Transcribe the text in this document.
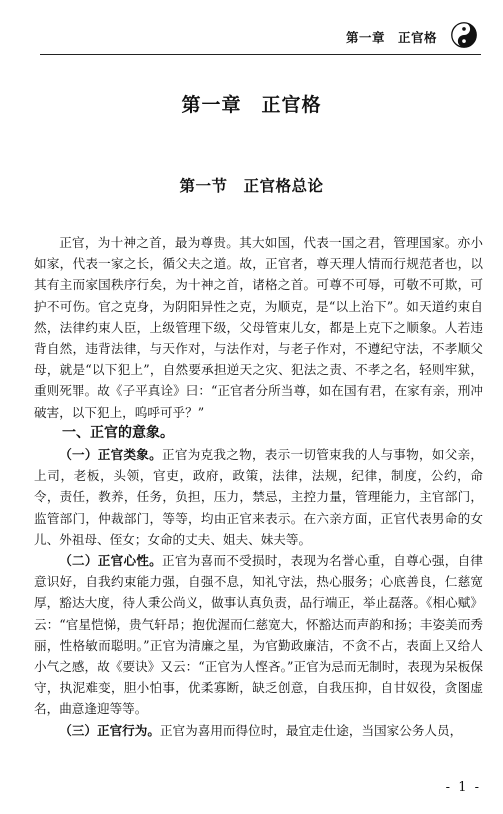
第一章　正官格
第一章　正官格
第一节　正官格总论

正官，为十神之首，最为尊贵。其大如国，代表一国之君，管理国家。亦小如家，代表一家之长，循父夫之道。故，正官者，尊天理人情而行规范者也，以其有主而家国秩序行矣，为十神之首，诸格之首。可尊不可辱，可敬不可欺，可护不可伤。官之克身，为阴阳异性之克，为顺克，是“以上治下”。如天道约束自然，法律约束人臣，上级管理下级，父母管束儿女，都是上克下之顺象。人若违背自然，违背法律，与天作对，与法作对，与老子作对，不遵纪守法，不孝顺父母，就是“以下犯上”，自然要承担逆天之灾、犯法之责、不孝之名，轻则牢狱，重则死罪。故《子平真诠》曰：“正官者分所当尊，如在国有君，在家有亲，刑冲破害，以下犯上，呜呼可乎？”

一、正官的意象。

（一）正官类象。正官为克我之物，表示一切管束我的人与事物，如父亲，上司，老板，头领，官吏，政府，政策，法律，法规，纪律，制度，公约，命令，责任，教养，任务，负担，压力，禁忌，主控力量，管理能力，主官部门，监管部门，仲裁部门，等等，均由正官来表示。在六亲方面，正官代表男命的女儿、外祖母、侄女；女命的丈夫、姐夫、妹夫等。

（二）正官心性。正官为喜而不受损时，表现为名誉心重，自尊心强，自律意识好，自我约束能力强，自强不息，知礼守法，热心服务；心底善良，仁慈宽厚，豁达大度，待人秉公尚义，做事认真负责，品行端正，举止磊落。《相心赋》云：“官星恺悌，贵气轩昂；抱优渥而仁慈宽大，怀豁达而声韵和扬；丰姿美而秀丽，性格敏而聪明。”正官为清廉之星，为官勤政廉洁，不贪不占，表面上又给人小气之感，故《要诀》又云：“正官为人悭吝。”正官为忌而无制时，表现为呆板保守，执泥难变，胆小怕事，优柔寡断，缺乏创意，自我压抑，自甘奴役，贪图虚名，曲意逢迎等等。

（三）正官行为。正官为喜用而得位时，最宜走仕途，当国家公务人员，

- 1 -
